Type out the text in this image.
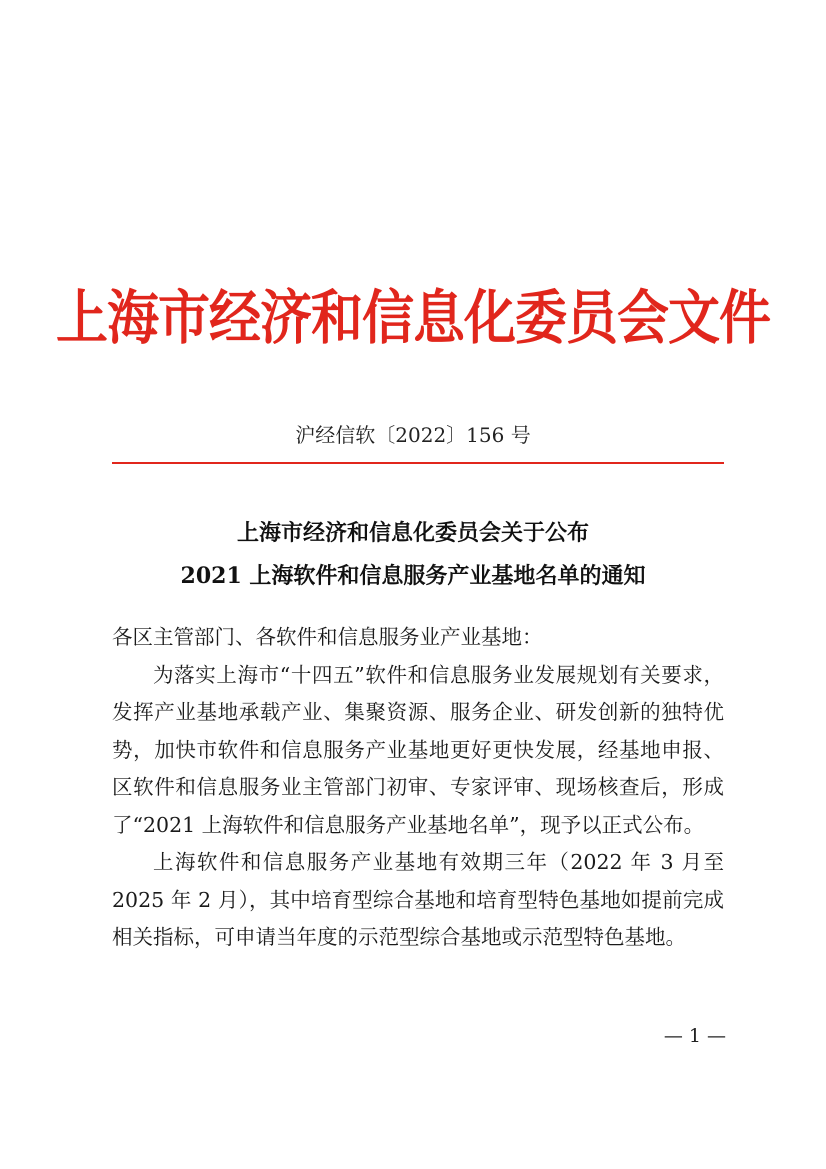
上海市经济和信息化委员会文件
沪经信软〔2022〕156 号
上海市经济和信息化委员会关于公布
2021 上海软件和信息服务产业基地名单的通知

各区主管部门、各软件和信息服务业产业基地：

为落实上海市“十四五”软件和信息服务业发展规划有关要求，发挥产业基地承载产业、集聚资源、服务企业、研发创新的独特优势，加快市软件和信息服务产业基地更好更快发展，经基地申报、区软件和信息服务业主管部门初审、专家评审、现场核查后，形成了“2021 上海软件和信息服务产业基地名单”，现予以正式公布。

上海软件和信息服务产业基地有效期三年（2022 年 3 月至 2025 年 2 月），其中培育型综合基地和培育型特色基地如提前完成相关指标，可申请当年度的示范型综合基地或示范型特色基地。

— 1 —
